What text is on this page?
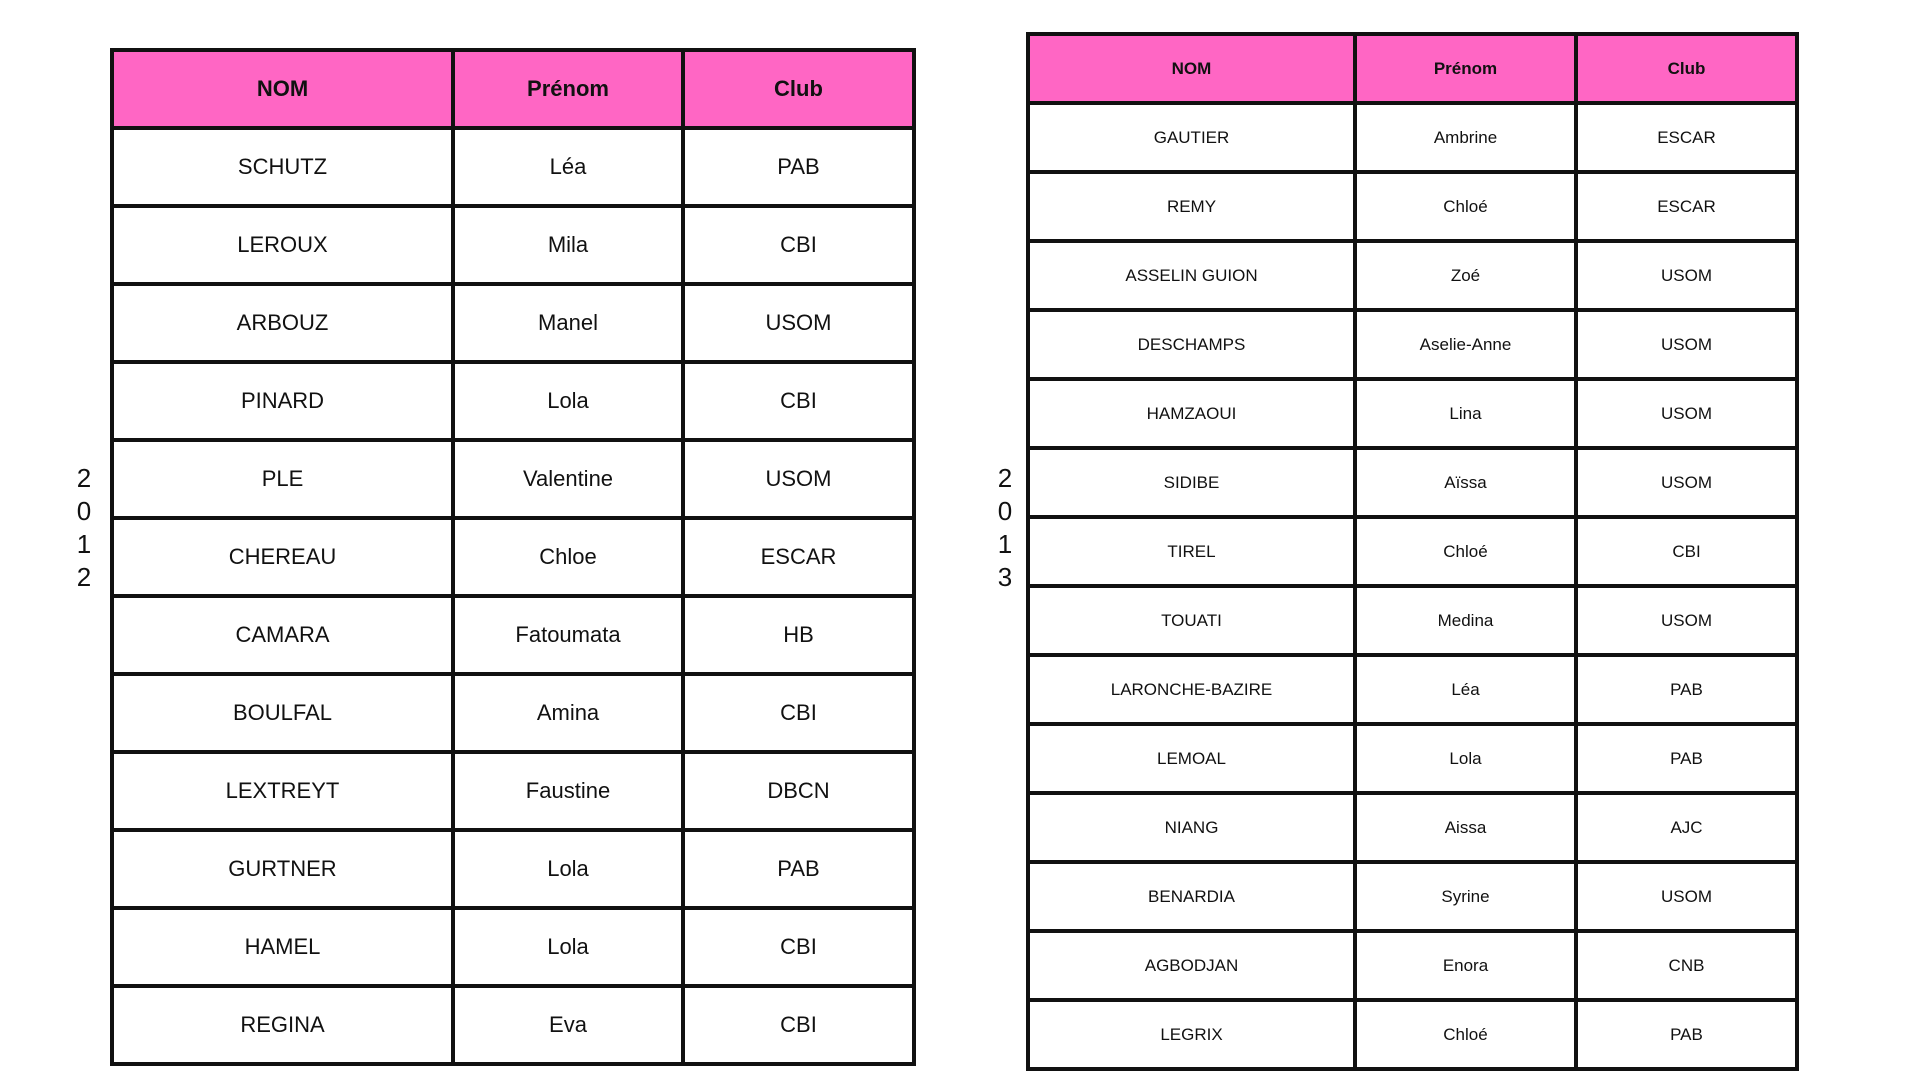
2
0
1
2
NOM	Prénom	Club
SCHUTZ	Léa	PAB
LEROUX	Mila	CBI
ARBOUZ	Manel	USOM
PINARD	Lola	CBI
PLE	Valentine	USOM
CHEREAU	Chloe	ESCAR
CAMARA	Fatoumata	HB
BOULFAL	Amina	CBI
LEXTREYT	Faustine	DBCN
GURTNER	Lola	PAB
HAMEL	Lola	CBI
REGINA	Eva	CBI
2
0
1
3
NOM	Prénom	Club
GAUTIER	Ambrine	ESCAR
REMY	Chloé	ESCAR
ASSELIN GUION	Zoé	USOM
DESCHAMPS	Aselie-Anne	USOM
HAMZAOUI	Lina	USOM
SIDIBE	Aïssa	USOM
TIREL	Chloé	CBI
TOUATI	Medina	USOM
LARONCHE-BAZIRE	Léa	PAB
LEMOAL	Lola	PAB
NIANG	Aissa	AJC
BENARDIA	Syrine	USOM
AGBODJAN	Enora	CNB
LEGRIX	Chloé	PAB
